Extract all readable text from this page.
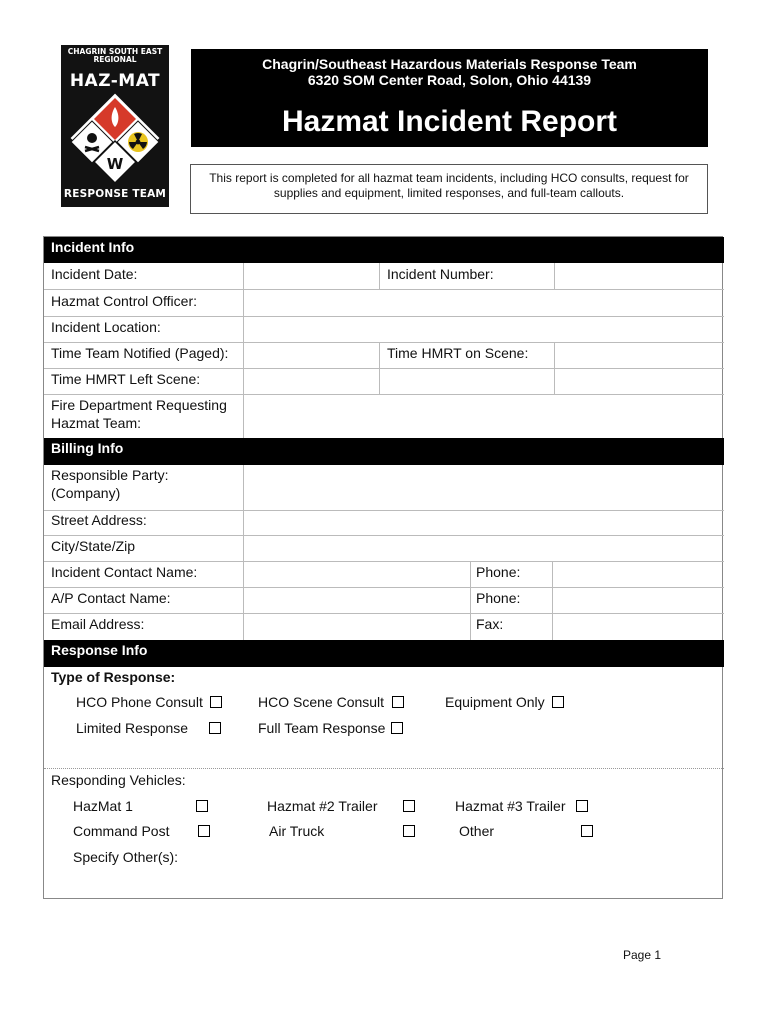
CHAGRIN SOUTH EAST REGIONAL
HAZ-MAT
W
RESPONSE TEAM
Chagrin/Southeast Hazardous Materials Response Team
6320 SOM Center Road, Solon, Ohio 44139
Hazmat Incident Report
This report is completed for all hazmat team incidents, including HCO consults, request for supplies and equipment, limited responses, and full-team callouts.
Incident Info
Incident Date:	Incident Number:
Hazmat Control Officer:
Incident Location:
Time Team Notified (Paged):	Time HMRT on Scene:
Time HMRT Left Scene:
Fire Department Requesting
Hazmat Team:
Billing Info
Responsible Party:
(Company)
Street Address:
City/State/Zip
Incident Contact Name:	Phone:
A/P Contact Name:	Phone:
Email Address:	Fax:
Response Info
Type of Response:
HCO Phone Consult	HCO Scene Consult	Equipment Only
Limited Response	Full Team Response
Responding Vehicles:
HazMat 1	Hazmat #2 Trailer	Hazmat #3 Trailer
Command Post	Air Truck	Other
Specify Other(s):
Page 1
